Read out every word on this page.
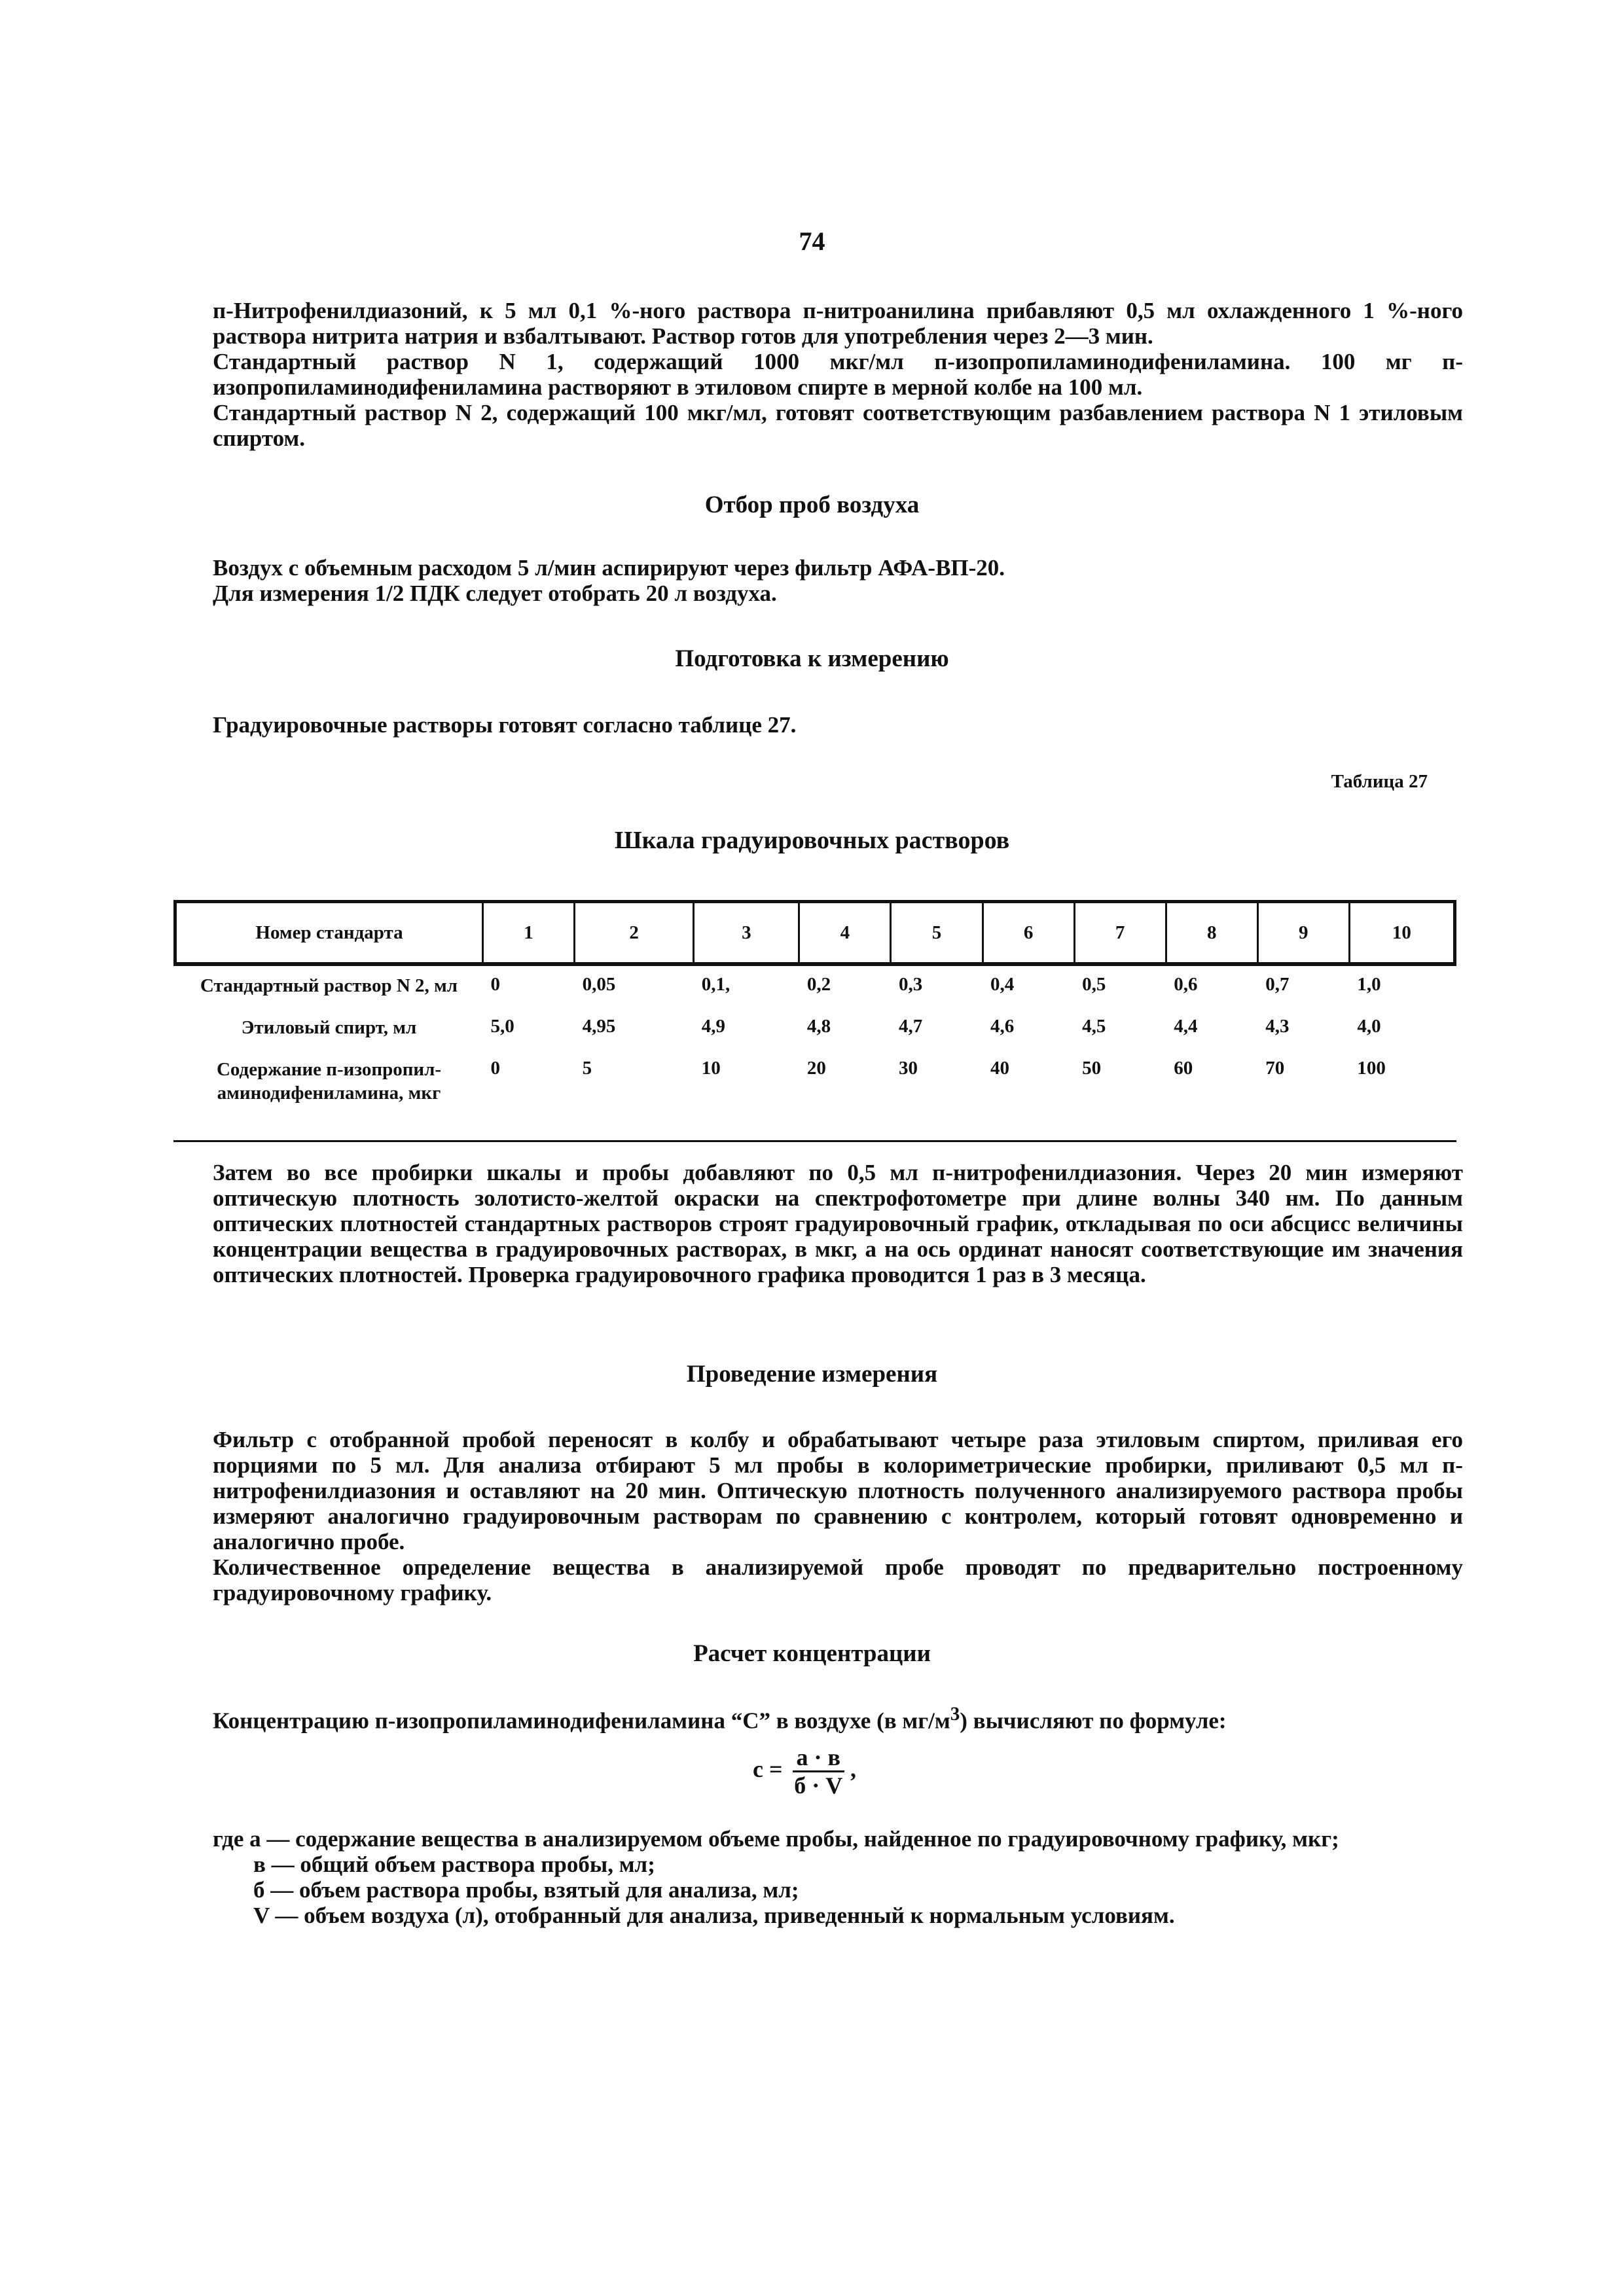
74

п-Нитрофенилдиазоний, к 5 мл 0,1 %-ного раствора п-нитроанилина прибавляют 0,5 мл охлажденного 1 %-ного раствора нитрита натрия и взбалтывают. Раствор готов для употребления через 2—3 мин.

Стандартный раствор N 1, содержащий 1000 мкг/мл п-изопропиламинодифениламина. 100 мг п-изопропиламинодифениламина растворяют в этиловом спирте в мерной колбе на 100 мл.

Стандартный раствор N 2, содержащий 100 мкг/мл, готовят соответствующим разбавлением раствора N 1 этиловым спиртом.

Отбор проб воздуха

Воздух с объемным расходом 5 л/мин аспирируют через фильтр АФА-ВП-20.

Для измерения 1/2 ПДК следует отобрать 20 л воздуха.

Подготовка к измерению

Градуировочные растворы готовят согласно таблице 27.

Таблица 27
Шкала градуировочных растворов
Номер стандарта	1	2	3	4	5	6	7	8	9	10
Стандартный раствор N 2, мл	0	0,05	0,1,	0,2	0,3	0,4	0,5	0,6	0,7	1,0
Этиловый спирт, мл	5,0	4,95	4,9	4,8	4,7	4,6	4,5	4,4	4,3	4,0
Содержание п-изопропил-аминодифениламина, мкг	0	5	10	20	30	40	50	60	70	100

Затем во все пробирки шкалы и пробы добавляют по 0,5 мл п-нитрофенилдиазония. Через 20 мин измеряют оптическую плотность золотисто-желтой окраски на спектрофотометре при длине волны 340 нм. По данным оптических плотностей стандартных растворов строят градуировочный график, откладывая по оси абсцисс величины концентрации вещества в градуировочных растворах, в мкг, а на ось ординат наносят соответствующие им значения оптических плотностей. Проверка градуировочного графика проводится 1 раз в 3 месяца.

Проведение измерения

Фильтр с отобранной пробой переносят в колбу и обрабатывают четыре раза этиловым спиртом, приливая его порциями по 5 мл. Для анализа отбирают 5 мл пробы в колориметрические пробирки, приливают 0,5 мл п-нитрофенилдиазония и оставляют на 20 мин. Оптическую плотность полученного анализируемого раствора пробы измеряют аналогично градуировочным растворам по сравнению с контролем, который готовят одновременно и аналогично пробе.

Количественное определение вещества в анализируемой пробе проводят по предварительно построенному градуировочному графику.

Расчет концентрации

Концентрацию п-изопропиламинодифениламина “С” в воздухе (в $мг/м^3$) вычисляют по формуле:

$с = \frac{а \cdot в}{б \cdot V}$ ,

где а — содержание вещества в анализируемом объеме пробы, найденное по градуировочному графику, мкг;

в — общий объем раствора пробы, мл;

б — объем раствора пробы, взятый для анализа, мл;

V — объем воздуха (л), отобранный для анализа, приведенный к нормальным условиям.
